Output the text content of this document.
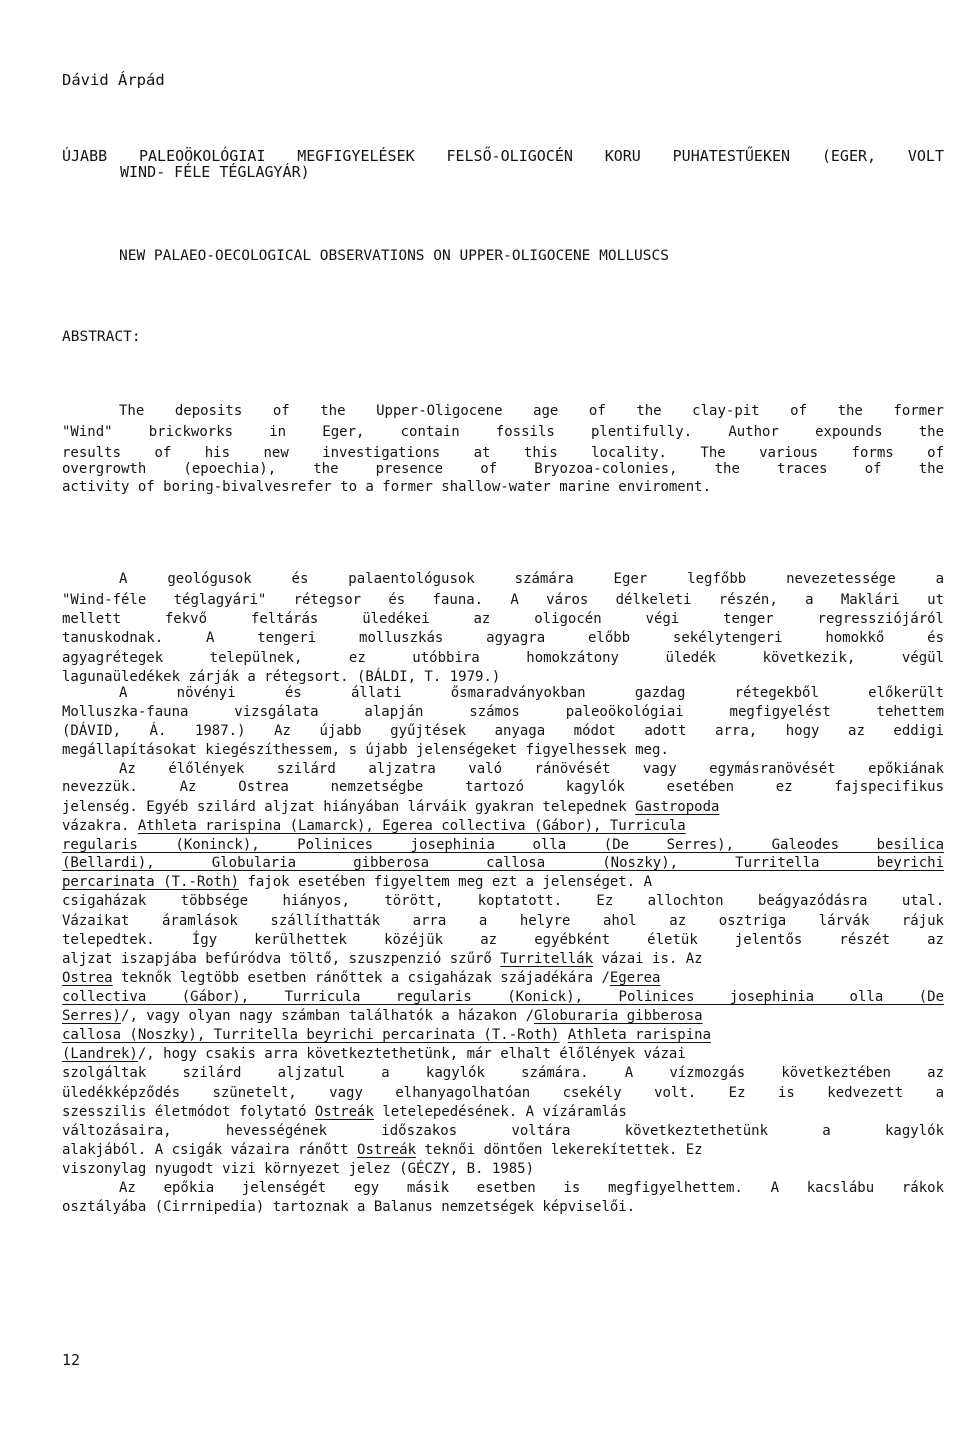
Dávid Árpád
ÚJABB PALEOÖKOLÓGIAI MEGFIGYELÉSEK FELSŐ-OLIGOCÉN KORU PUHATESTŰEKEN (EGER, VOLT
WIND- FÉLE TÉGLAGYÁR)
NEW PALAEO-OECOLOGICAL OBSERVATIONS ON UPPER-OLIGOCENE MOLLUSCS
ABSTRACT:
The deposits of the Upper-Oligocene age of the clay-pit of the former
"Wind" brickworks in Eger, contain fossils plentifully. Author expounds the
results of his new investigations at this locality. The various forms of
overgrowth (epoechia), the presence of Bryozoa-colonies, the traces of the
activity of boring-bivalvesrefer to a former shallow-water marine enviroment.
A geológusok és palaentológusok számára Eger legfőbb nevezetessége a
"Wind-féle téglagyári" rétegsor és fauna. A város délkeleti részén, a Maklári ut
mellett fekvő feltárás üledékei az oligocén végi tenger regressziójáról
tanuskodnak. A tengeri molluszkás agyagra előbb sekélytengeri homokkő és
agyagrétegek települnek, ez utóbbira homokzátony üledék következik, végül
lagunaüledékek zárják a rétegsort. (BÁLDI, T. 1979.)
A növényi és állati ősmaradványokban gazdag rétegekből előkerült
Molluszka-fauna vizsgálata alapján számos paleoökológiai megfigyelést tehettem
(DÁVID, Á. 1987.) Az újabb gyűjtések anyaga módot adott arra, hogy az eddigi
megállapításokat kiegészíthessem, s újabb jelenségeket figyelhessek meg.
Az élőlények szilárd aljzatra való ránövését vagy egymásranövését epőkiának
nevezzük. Az Ostrea nemzetségbe tartozó kagylók esetében ez fajspecifikus
jelenség. Egyéb szilárd aljzat hiányában lárváik gyakran telepednek Gastropoda
vázakra. Athleta rarispina (Lamarck), Egerea collectiva (Gábor), Turricula
regularis (Koninck), Polinices josephinia olla (De Serres), Galeodes besilica
(Bellardi), Globularia gibberosa callosa (Noszky), Turritella beyrichi
percarinata (T.-Roth) fajok esetében figyeltem meg ezt a jelenséget. A
csigaházak többsége hiányos, törött, koptatott. Ez allochton beágyazódásra utal.
Vázaikat áramlások szállíthatták arra a helyre ahol az osztriga lárvák rájuk
telepedtek. Így kerülhettek közéjük az egyébként életük jelentős részét az
aljzat iszapjába befúródva töltő, szuszpenzió szűrő Turritellák vázai is. Az
Ostrea teknők legtöbb esetben ránőttek a csigaházak szájadékára /Egerea
collectiva (Gábor), Turricula regularis (Konick), Polinices josephinia olla (De
Serres)/, vagy olyan nagy számban találhatók a házakon /Globuraria gibberosa
callosa (Noszky), Turritella beyrichi percarinata (T.-Roth) Athleta rarispina
(Landrek)/, hogy csakis arra következtethetünk, már elhalt élőlények vázai
szolgáltak szilárd aljzatul a kagylók számára. A vízmozgás következtében az
üledékképződés szünetelt, vagy elhanyagolhatóan csekély volt. Ez is kedvezett a
szesszilis életmódot folytató Ostreák letelepedésének. A vízáramlás
változásaira, hevességének időszakos voltára következtethetünk a kagylók
alakjából. A csigák vázaira ránőtt Ostreák teknői döntően lekerekítettek. Ez
viszonylag nyugodt vizi környezet jelez (GÉCZY, B. 1985)
Az epőkia jelenségét egy másik esetben is megfigyelhettem. A kacslábu rákok
osztályába (Cirrnipedia) tartoznak a Balanus nemzetségek képviselői.
12
